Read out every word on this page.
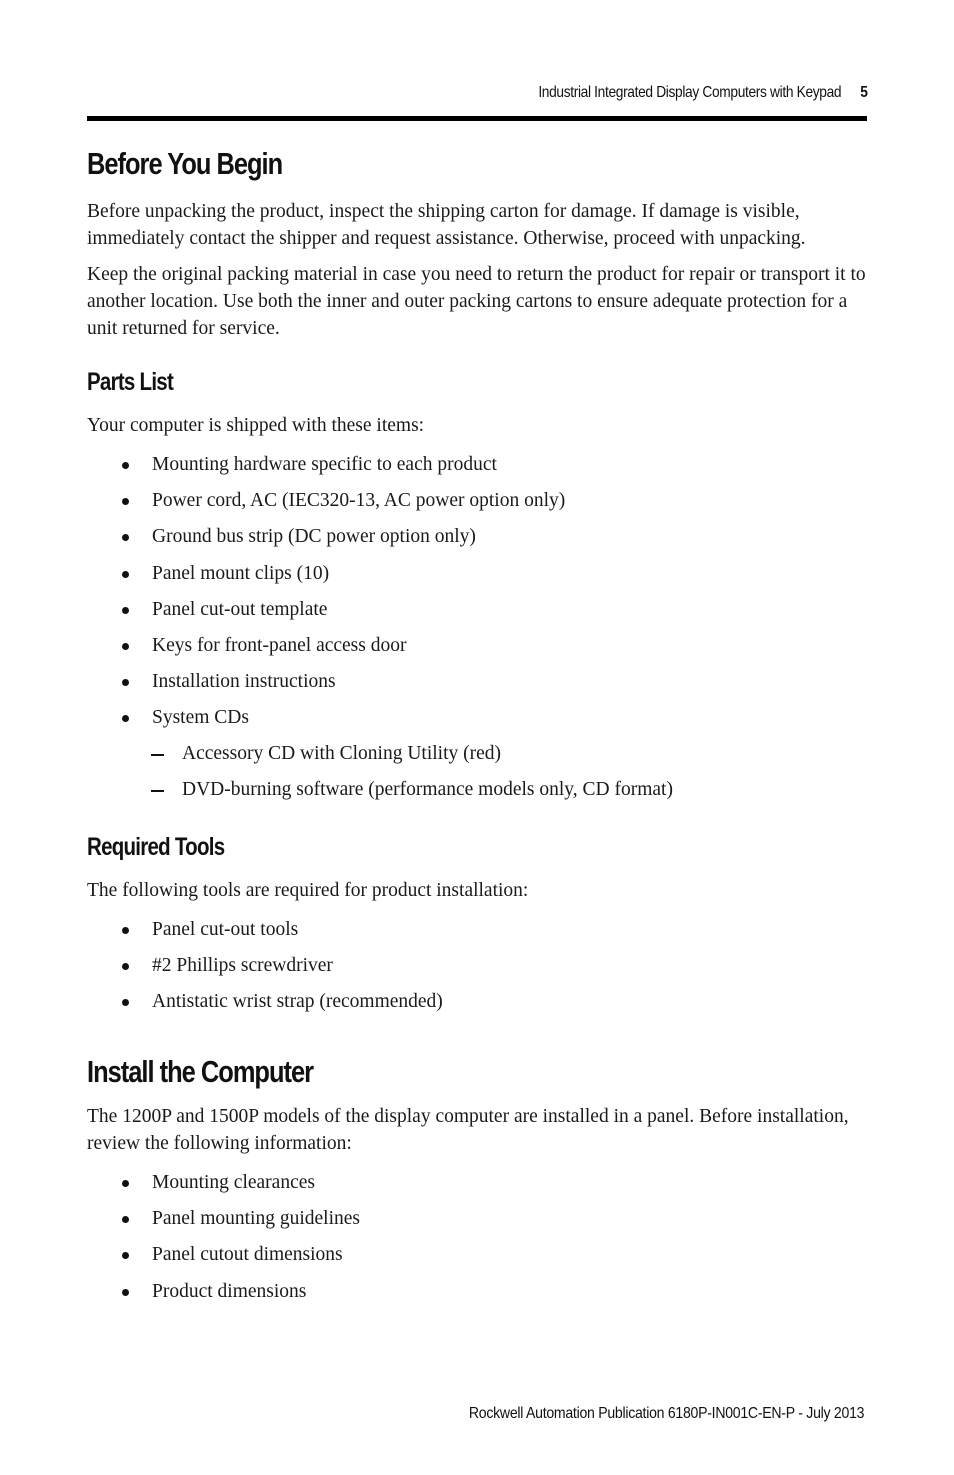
Industrial Integrated Display Computers with Keypad 5
Before You Begin

Before unpacking the product, inspect the shipping carton for damage. If damage is visible, immediately contact the shipper and request assistance. Otherwise, proceed with unpacking.

Keep the original packing material in case you need to return the product for repair or transport it to another location. Use both the inner and outer packing cartons to ensure adequate protection for a unit returned for service.

Parts List
Your computer is shipped with these items:
Mounting hardware specific to each product
Power cord, AC (IEC320-13, AC power option only)
Ground bus strip (DC power option only)
Panel mount clips (10)
Panel cut-out template
Keys for front-panel access door
Installation instructions
System CDs
Accessory CD with Cloning Utility (red)
DVD-burning software (performance models only, CD format)
Required Tools
The following tools are required for product installation:
Panel cut-out tools
#2 Phillips screwdriver
Antistatic wrist strap (recommended)
Install the Computer

The 1200P and 1500P models of the display computer are installed in a panel. Before installation, review the following information:

Mounting clearances
Panel mounting guidelines
Panel cutout dimensions
Product dimensions
Rockwell Automation Publication 6180P-IN001C-EN-P - July 2013
